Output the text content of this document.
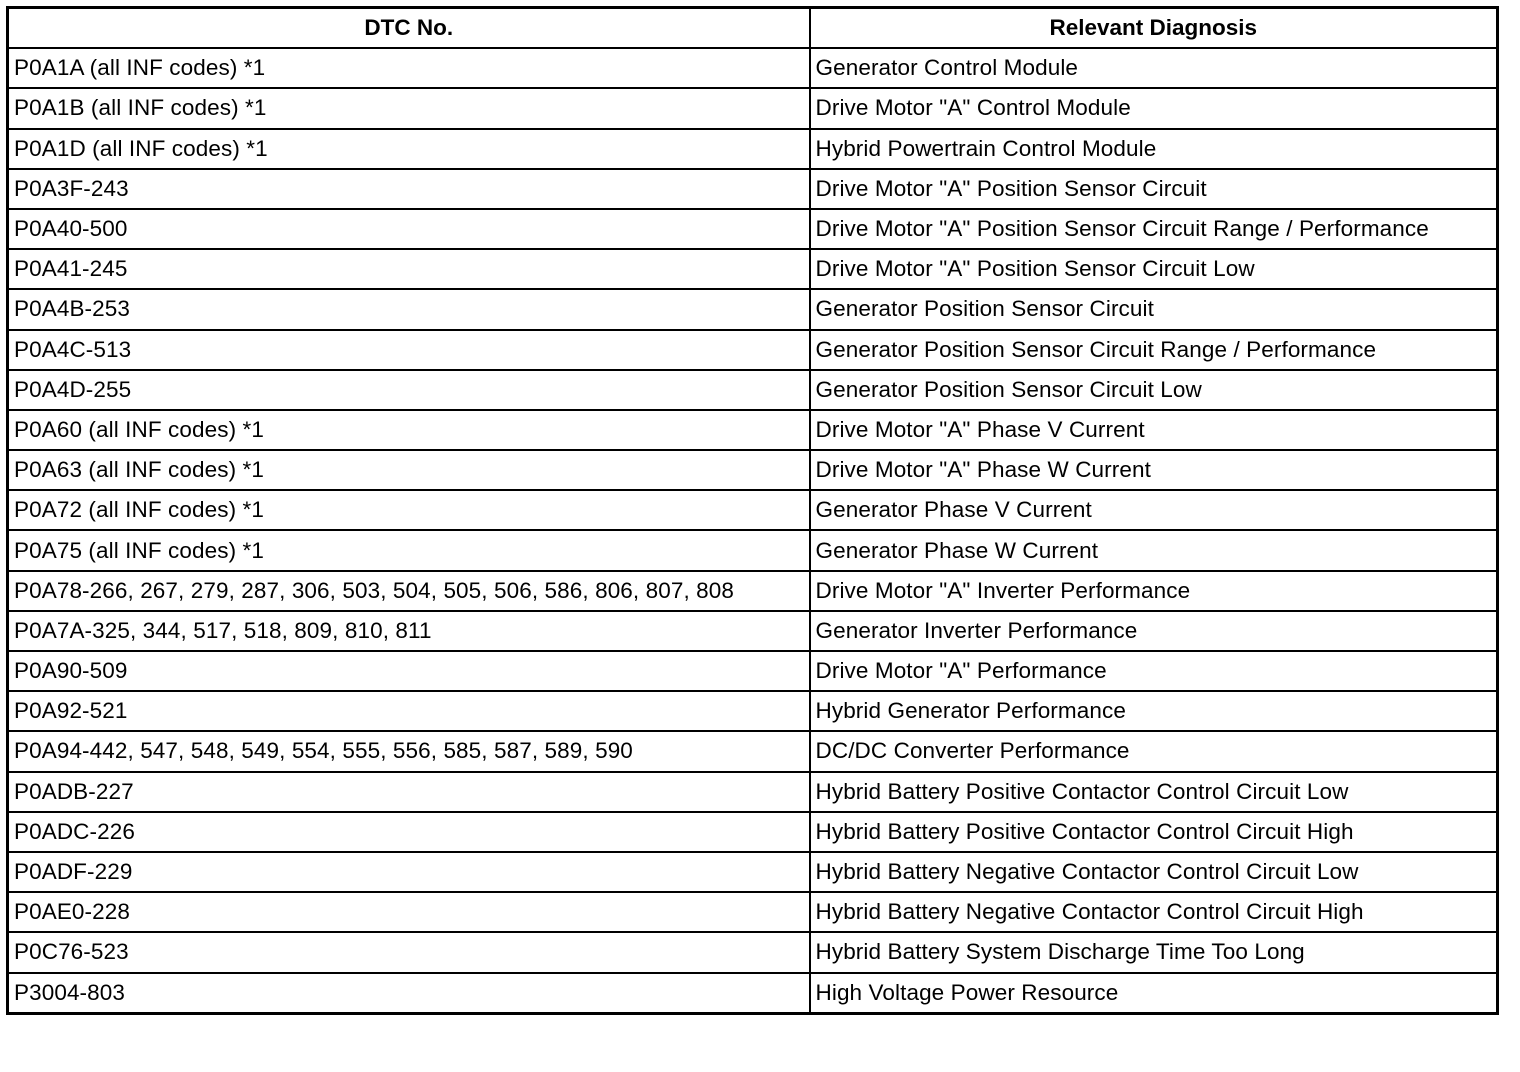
DTC No.	Relevant Diagnosis
P0A1A (all INF codes) *1	Generator Control Module
P0A1B (all INF codes) *1	Drive Motor "A" Control Module
P0A1D (all INF codes) *1	Hybrid Powertrain Control Module
P0A3F-243	Drive Motor "A" Position Sensor Circuit
P0A40-500	Drive Motor "A" Position Sensor Circuit Range / Performance
P0A41-245	Drive Motor "A" Position Sensor Circuit Low
P0A4B-253	Generator Position Sensor Circuit
P0A4C-513	Generator Position Sensor Circuit Range / Performance
P0A4D-255	Generator Position Sensor Circuit Low
P0A60 (all INF codes) *1	Drive Motor "A" Phase V Current
P0A63 (all INF codes) *1	Drive Motor "A" Phase W Current
P0A72 (all INF codes) *1	Generator Phase V Current
P0A75 (all INF codes) *1	Generator Phase W Current
P0A78-266, 267, 279, 287, 306, 503, 504, 505, 506, 586, 806, 807, 808	Drive Motor "A" Inverter Performance
P0A7A-325, 344, 517, 518, 809, 810, 811	Generator Inverter Performance
P0A90-509	Drive Motor "A" Performance
P0A92-521	Hybrid Generator Performance
P0A94-442, 547, 548, 549, 554, 555, 556, 585, 587, 589, 590	DC/DC Converter Performance
P0ADB-227	Hybrid Battery Positive Contactor Control Circuit Low
P0ADC-226	Hybrid Battery Positive Contactor Control Circuit High
P0ADF-229	Hybrid Battery Negative Contactor Control Circuit Low
P0AE0-228	Hybrid Battery Negative Contactor Control Circuit High
P0C76-523	Hybrid Battery System Discharge Time Too Long
P3004-803	High Voltage Power Resource
